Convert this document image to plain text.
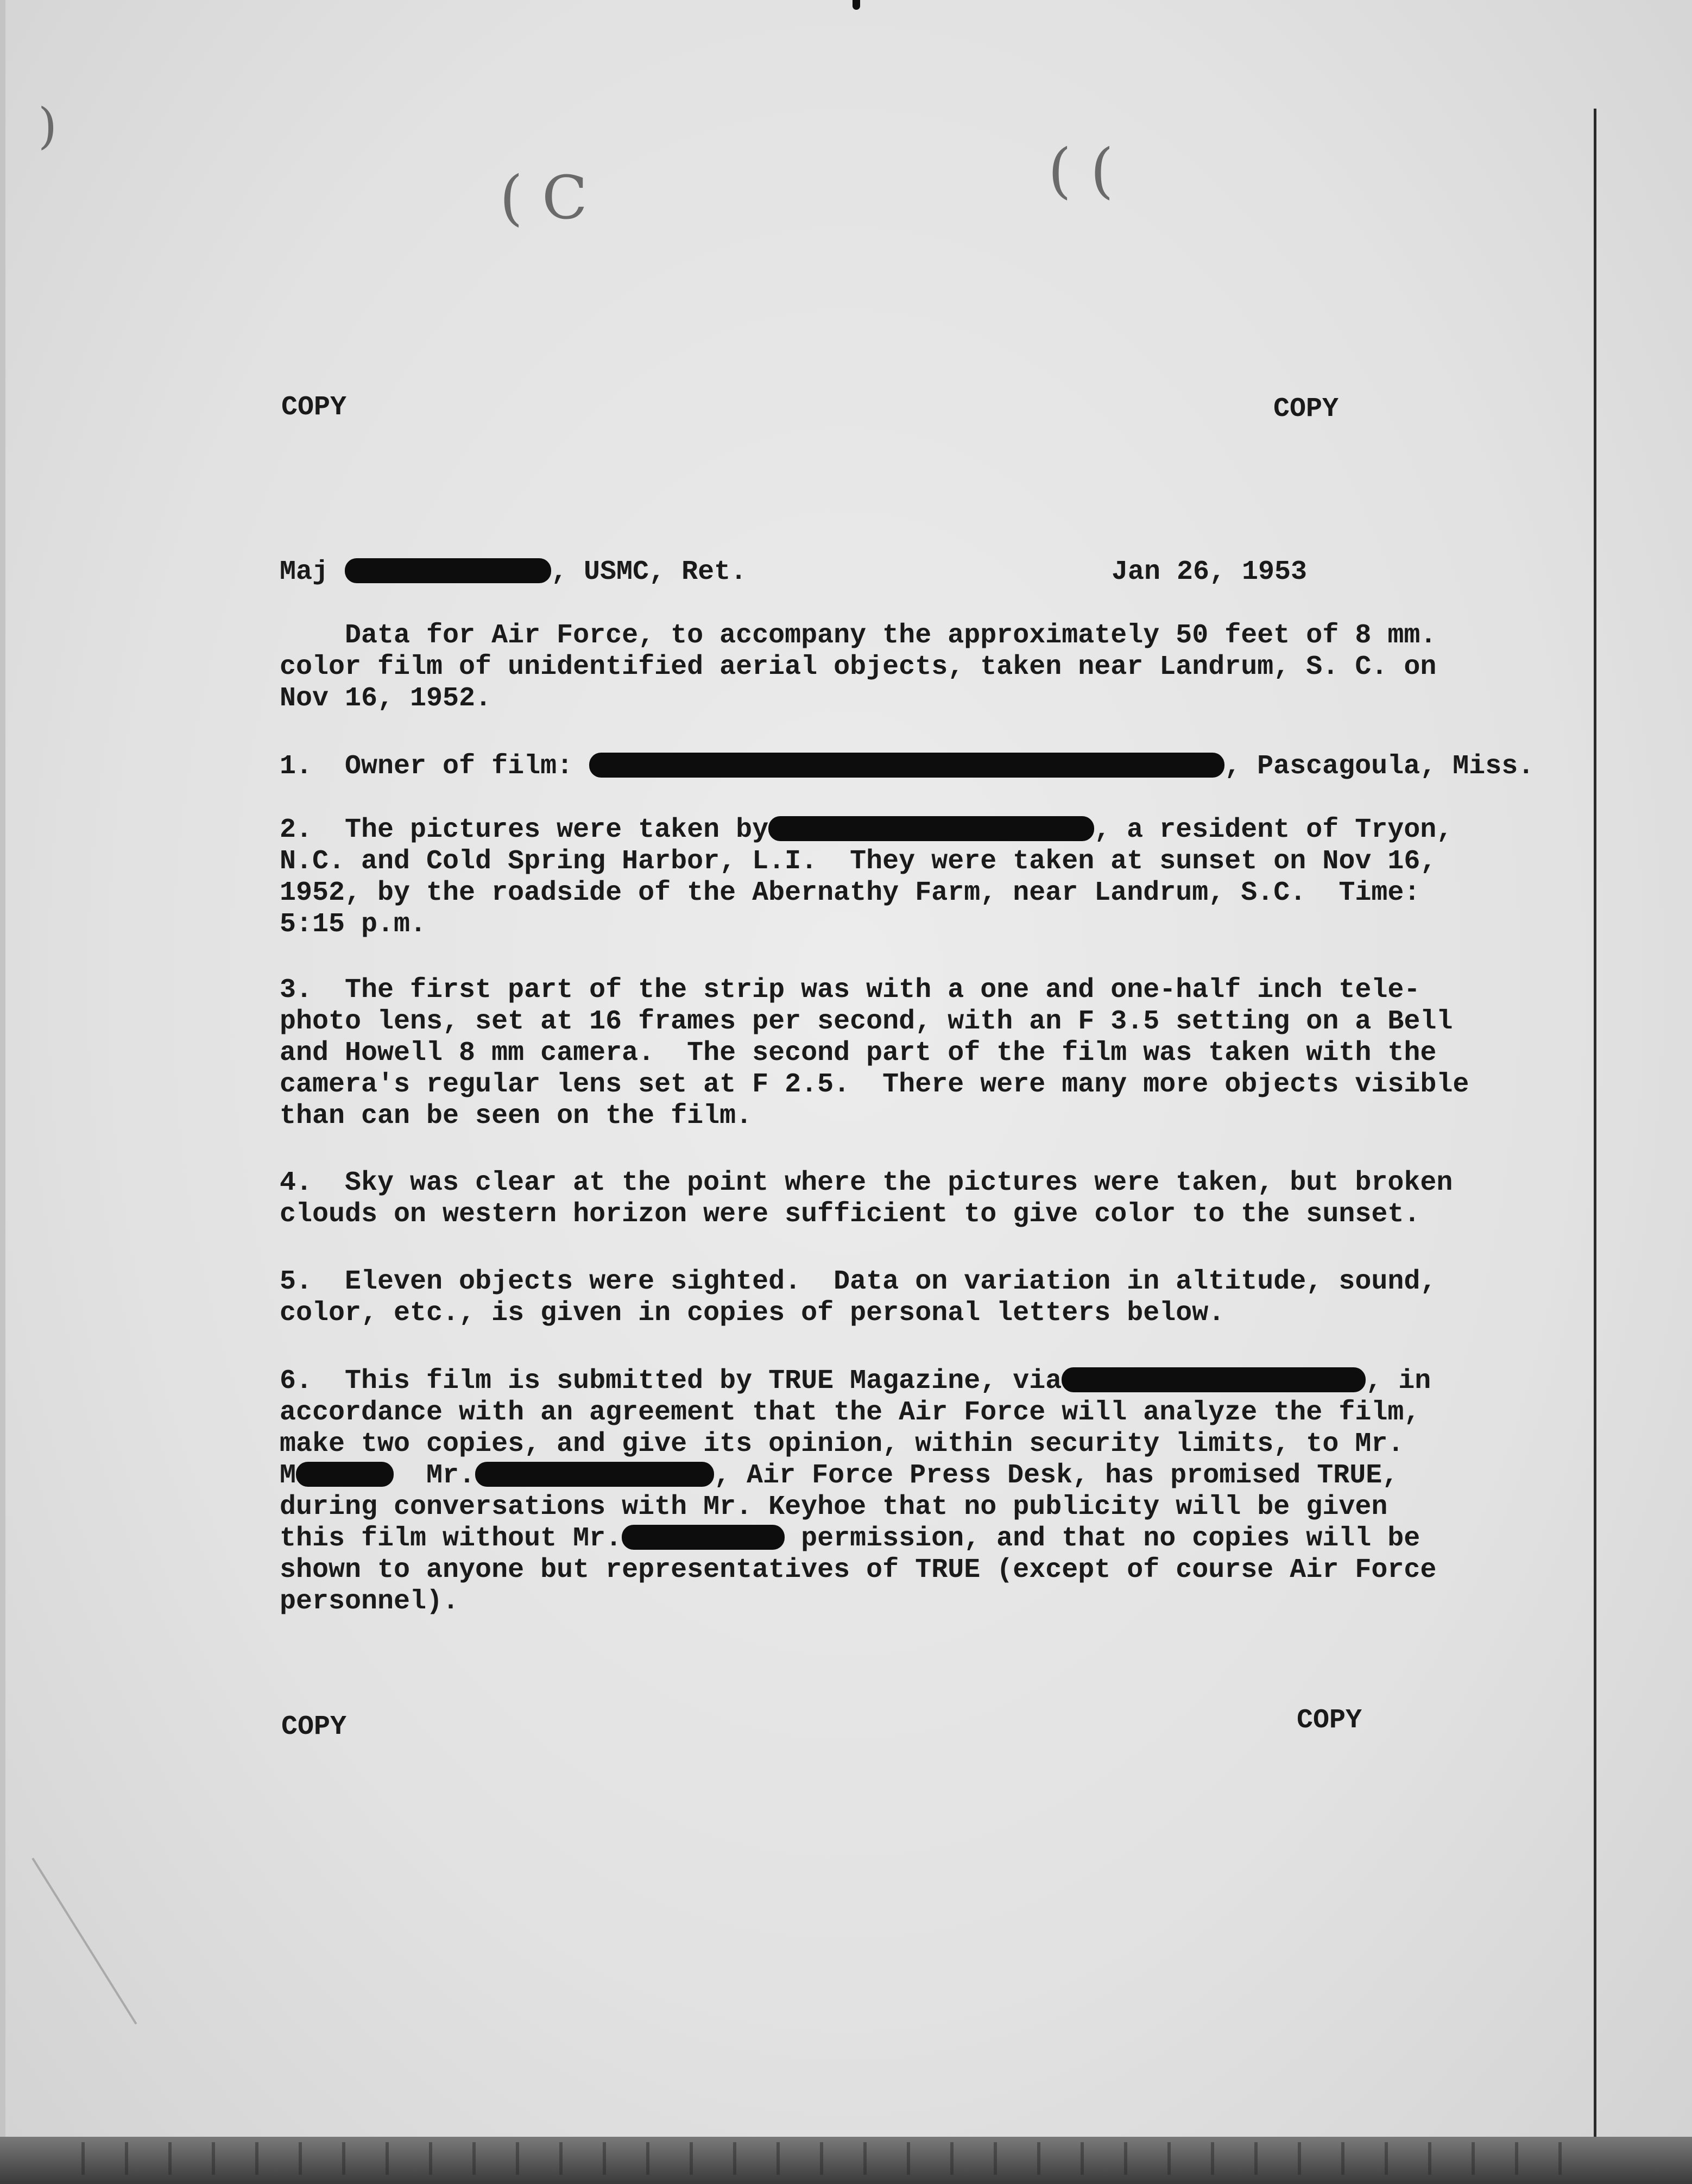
)
( C	( (
COPY	COPY
Maj	, USMC, Ret.	Jan 26, 1953
Data for Air Force, to accompany the approximately 50 feet of 8 mm.
color film of unidentified aerial objects, taken near Landrum, S. C. on
Nov 16, 1952.
1.  Owner of film:	, Pascagoula, Miss.
2.  The pictures were taken by	, a resident of Tryon,
N.C. and Cold Spring Harbor, L.I.  They were taken at sunset on Nov 16,
1952, by the roadside of the Abernathy Farm, near Landrum, S.C.  Time:
5:15 p.m.
3.  The first part of the strip was with a one and one-half inch tele-
photo lens, set at 16 frames per second, with an F 3.5 setting on a Bell
and Howell 8 mm camera.  The second part of the film was taken with the
camera's regular lens set at F 2.5.  There were many more objects visible
than can be seen on the film.
4.  Sky was clear at the point where the pictures were taken, but broken
clouds on western horizon were sufficient to give color to the sunset.
5.  Eleven objects were sighted.  Data on variation in altitude, sound,
color, etc., is given in copies of personal letters below.
6.  This film is submitted by TRUE Magazine, via	, in
accordance with an agreement that the Air Force will analyze the film,
make two copies, and give its opinion, within security limits, to Mr.
M	Mr.	, Air Force Press Desk, has promised TRUE,
during conversations with Mr. Keyhoe that no publicity will be given
this film without Mr.	permission, and that no copies will be
shown to anyone but representatives of TRUE (except of course Air Force
personnel).
COPY	COPY
